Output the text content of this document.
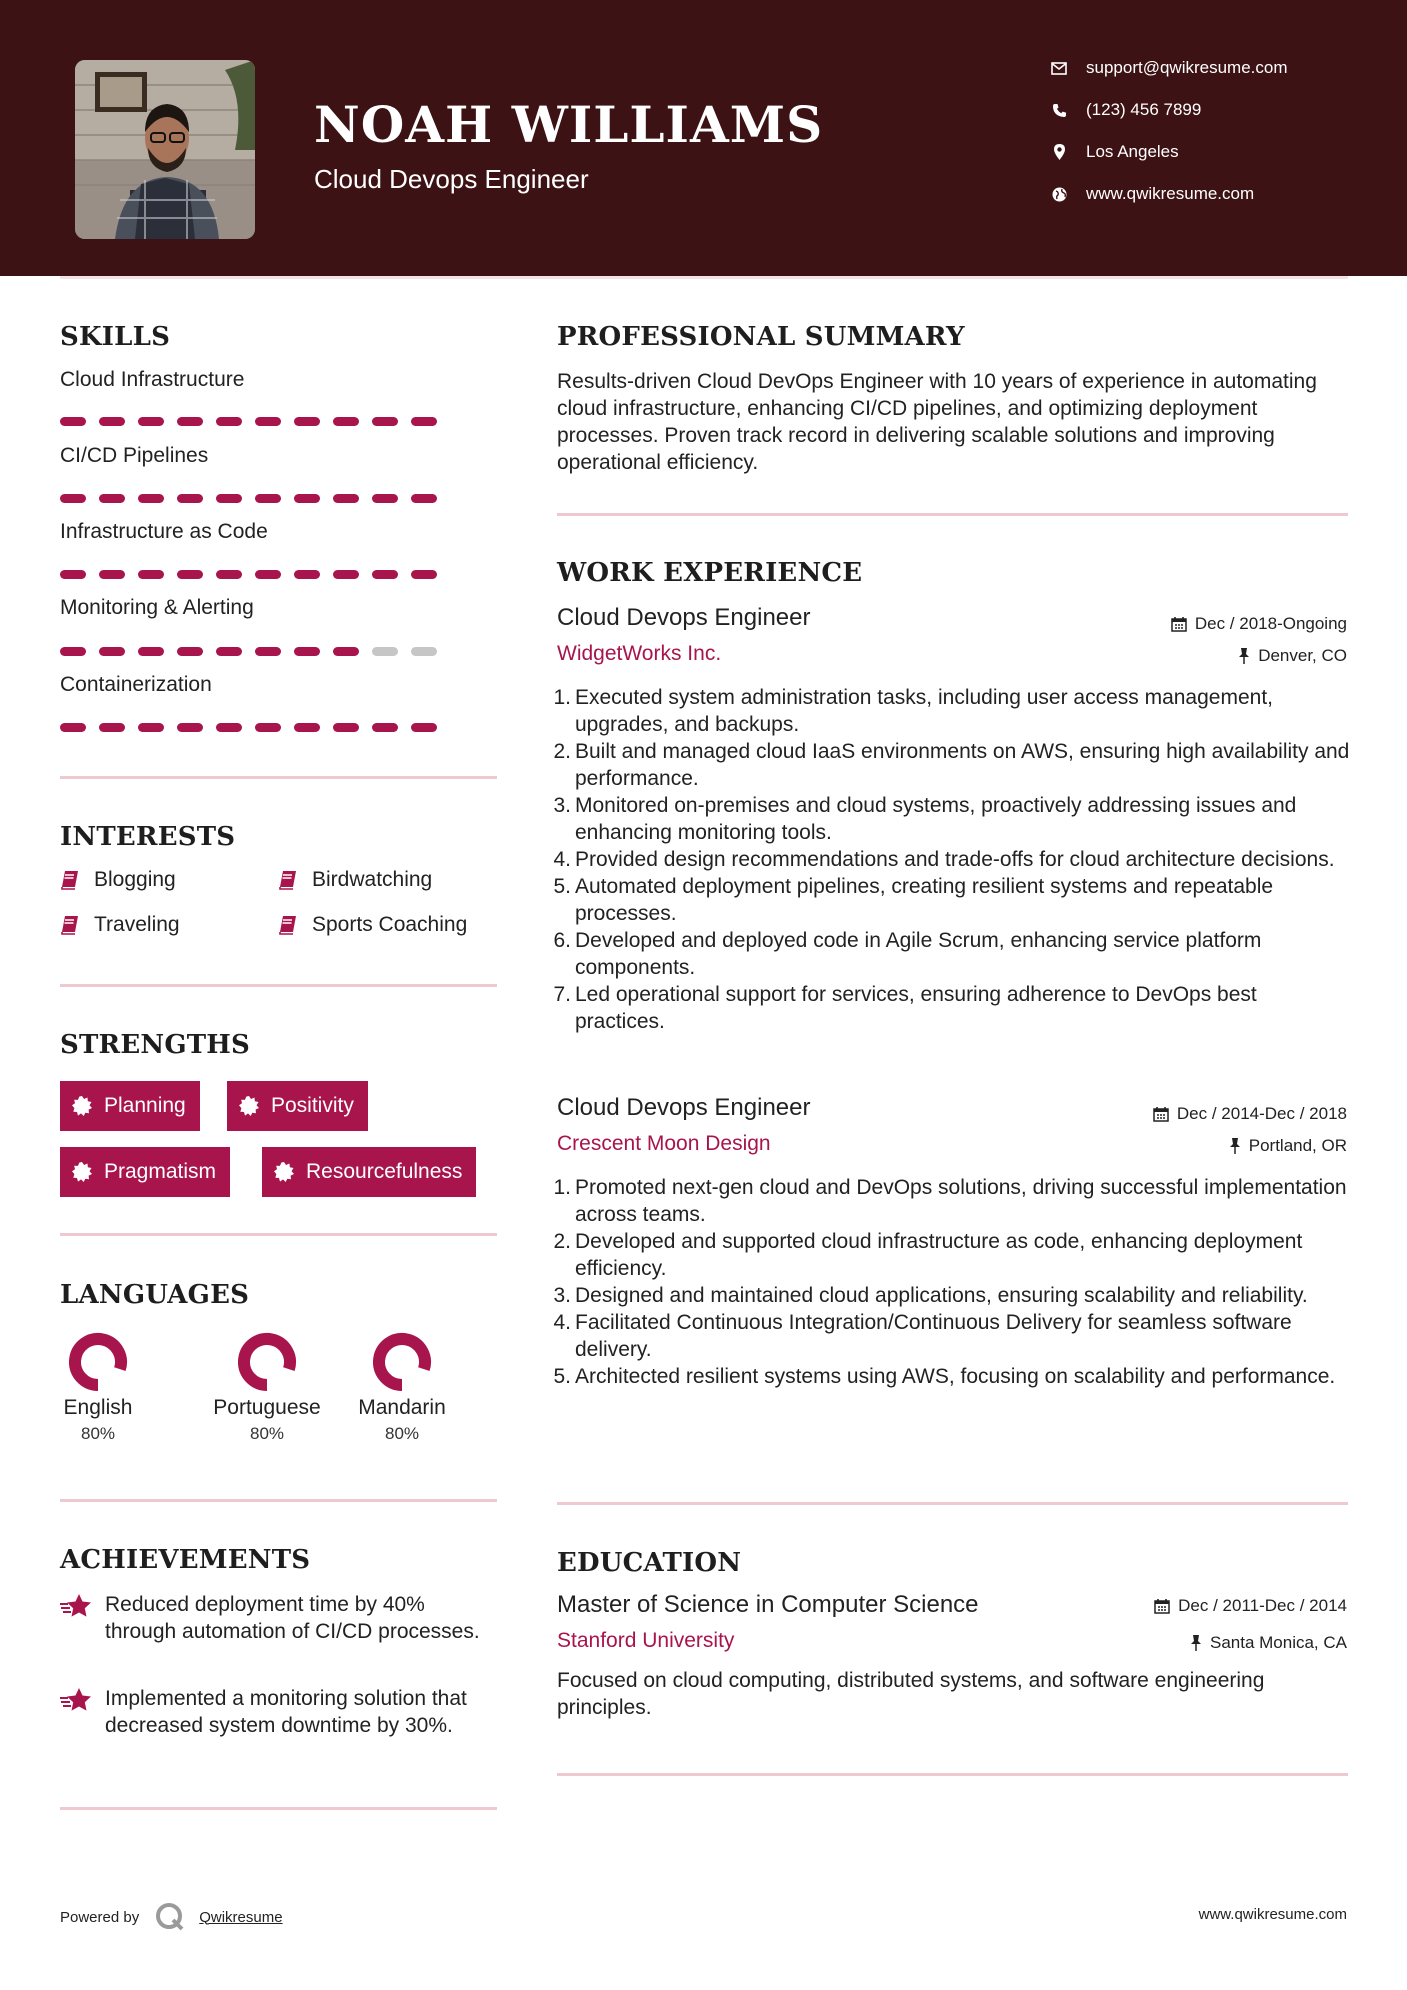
NOAH WILLIAMS
Cloud Devops Engineer
support@qwikresume.com
(123) 456 7899
Los Angeles
www.qwikresume.com
SKILLS
Cloud Infrastructure
CI/CD Pipelines
Infrastructure as Code
Monitoring & Alerting
Containerization
INTERESTS
Blogging	Birdwatching
Traveling	Sports Coaching
STRENGTHS
Planning	Positivity
Pragmatism	Resourcefulness
LANGUAGES
English
80%
Portuguese
80%
Mandarin
80%
ACHIEVEMENTS
Reduced deployment time by 40% through automation of CI/CD processes.
Implemented a monitoring solution that decreased system downtime by 30%.
PROFESSIONAL SUMMARY
Results-driven Cloud DevOps Engineer with 10 years of experience in automating cloud infrastructure, enhancing CI/CD pipelines, and optimizing deployment processes. Proven track record in delivering scalable solutions and improving operational efficiency.
WORK EXPERIENCE
Cloud Devops Engineer	Dec / 2018-Ongoing
WidgetWorks Inc.	Denver, CO
1. Executed system administration tasks, including user access management, upgrades, and backups.
2. Built and managed cloud IaaS environments on AWS, ensuring high availability and performance.
3. Monitored on-premises and cloud systems, proactively addressing issues and enhancing monitoring tools.
4. Provided design recommendations and trade-offs for cloud architecture decisions.
5. Automated deployment pipelines, creating resilient systems and repeatable processes.
6. Developed and deployed code in Agile Scrum, enhancing service platform components.
7. Led operational support for services, ensuring adherence to DevOps best practices.
Cloud Devops Engineer	Dec / 2014-Dec / 2018
Crescent Moon Design	Portland, OR
1. Promoted next-gen cloud and DevOps solutions, driving successful implementation across teams.
2. Developed and supported cloud infrastructure as code, enhancing deployment efficiency.
3. Designed and maintained cloud applications, ensuring scalability and reliability.
4. Facilitated Continuous Integration/Continuous Delivery for seamless software delivery.
5. Architected resilient systems using AWS, focusing on scalability and performance.
EDUCATION
Master of Science in Computer Science	Dec / 2011-Dec / 2014
Stanford University	Santa Monica, CA
Focused on cloud computing, distributed systems, and software engineering principles.
Powered by	Qwikresume	www.qwikresume.com
